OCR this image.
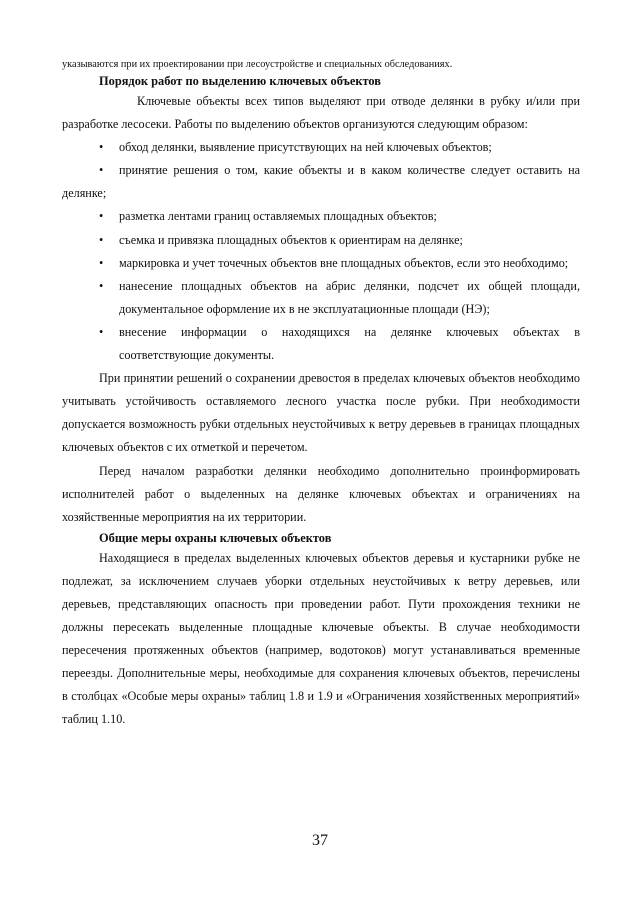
указываются при их проектировании при лесоустройстве и специальных обследованиях.

Порядок работ по выделению ключевых объектов

Ключевые объекты всех типов выделяют при отводе делянки в рубку и/или при разработке лесосеки. Работы по выделению объектов организуются следующим образом:

•	обход делянки, выявление присутствующих на ней ключевых объектов;

• принятие решения о том, какие объекты и в каком количестве следует оставить на делянке;

•	разметка лентами границ оставляемых площадных объектов;
•	съемка и привязка площадных объектов к ориентирам на делянке;

• маркировка и учет точечных объектов вне площадных объектов, если это необходимо;

•	нанесение площадных объектов на абрис делянки, подсчет их общей площади, документальное оформление их в не эксплуатационные площади (НЭ);
•	внесение информации о находящихся на делянке ключевых объектах в соответствующие документы.

При принятии решений о сохранении древостоя в пределах ключевых объектов необходимо учитывать устойчивость оставляемого лесного участка после рубки. При необходимости допускается возможность рубки отдельных неустойчивых к ветру деревьев в границах площадных ключевых объектов с их отметкой и перечетом.

Перед началом разработки делянки необходимо дополнительно проинформировать исполнителей работ о выделенных на делянке ключевых объектах и ограничениях на хозяйственные мероприятия на их территории.

Общие меры охраны ключевых объектов

Находящиеся в пределах выделенных ключевых объектов деревья и кустарники рубке не подлежат, за исключением случаев уборки отдельных неустойчивых к ветру деревьев, или деревьев, представляющих опасность при проведении работ. Пути прохождения техники не должны пересекать выделенные площадные ключевые объекты. В случае необходимости пересечения протяженных объектов (например, водотоков) могут устанавливаться временные переезды. Дополнительные меры, необходимые для сохранения ключевых объектов, перечислены в столбцах «Особые меры охраны» таблиц 1.8 и 1.9 и «Ограничения хозяйственных мероприятий» таблиц 1.10.

37
